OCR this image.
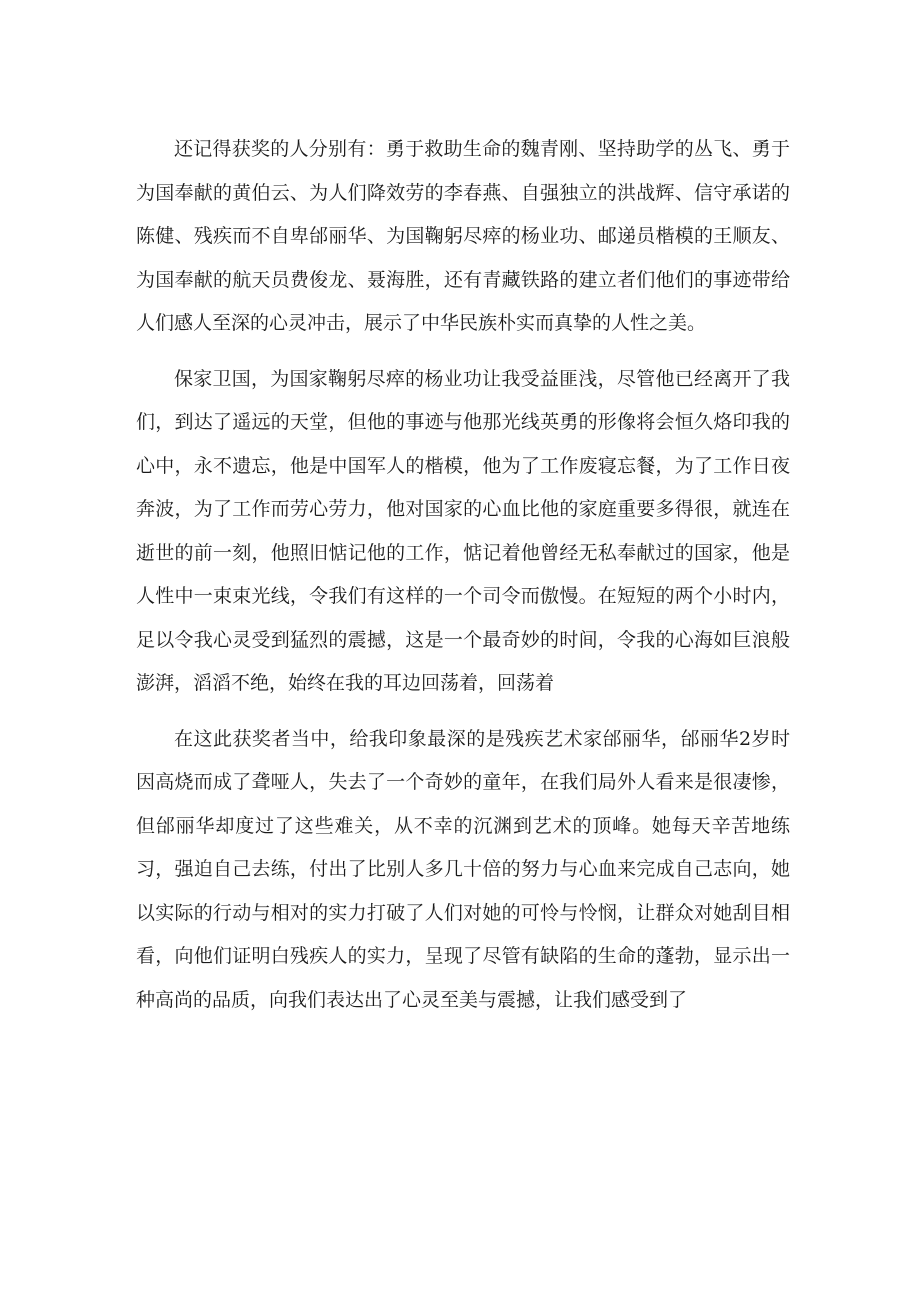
还记得获奖的人分别有：勇于救助生命的魏青刚、坚持助学的丛飞、勇于为国奉献的黄伯云、为人们降效劳的李春燕、自强独立的洪战辉、信守承诺的陈健、残疾而不自卑邰丽华、为国鞠躬尽瘁的杨业功、邮递员楷模的王顺友、为国奉献的航天员费俊龙、聂海胜，还有青藏铁路的建立者们他们的事迹带给人们感人至深的心灵冲击，展示了中华民族朴实而真挚的人性之美。

保家卫国，为国家鞠躬尽瘁的杨业功让我受益匪浅，尽管他已经离开了我们，到达了遥远的天堂，但他的事迹与他那光线英勇的形像将会恒久烙印我的心中，永不遗忘，他是中国军人的楷模，他为了工作废寝忘餐，为了工作日夜奔波，为了工作而劳心劳力，他对国家的心血比他的家庭重要多得很，就连在逝世的前一刻，他照旧惦记他的工作，惦记着他曾经无私奉献过的国家，他是人性中一束束光线，令我们有这样的一个司令而傲慢。在短短的两个小时内，足以令我心灵受到猛烈的震撼，这是一个最奇妙的时间，令我的心海如巨浪般澎湃，滔滔不绝，始终在我的耳边回荡着，回荡着

在这此获奖者当中，给我印象最深的是残疾艺术家邰丽华，邰丽华2岁时因高烧而成了聋哑人，失去了一个奇妙的童年，在我们局外人看来是很凄惨，但邰丽华却度过了这些难关，从不幸的沉渊到艺术的顶峰。她每天辛苦地练习，强迫自己去练，付出了比别人多几十倍的努力与心血来完成自己志向，她以实际的行动与相对的实力打破了人们对她的可怜与怜悯，让群众对她刮目相看，向他们证明白残疾人的实力，呈现了尽管有缺陷的生命的蓬勃，显示出一种高尚的品质，向我们表达出了心灵至美与震撼，让我们感受到了
